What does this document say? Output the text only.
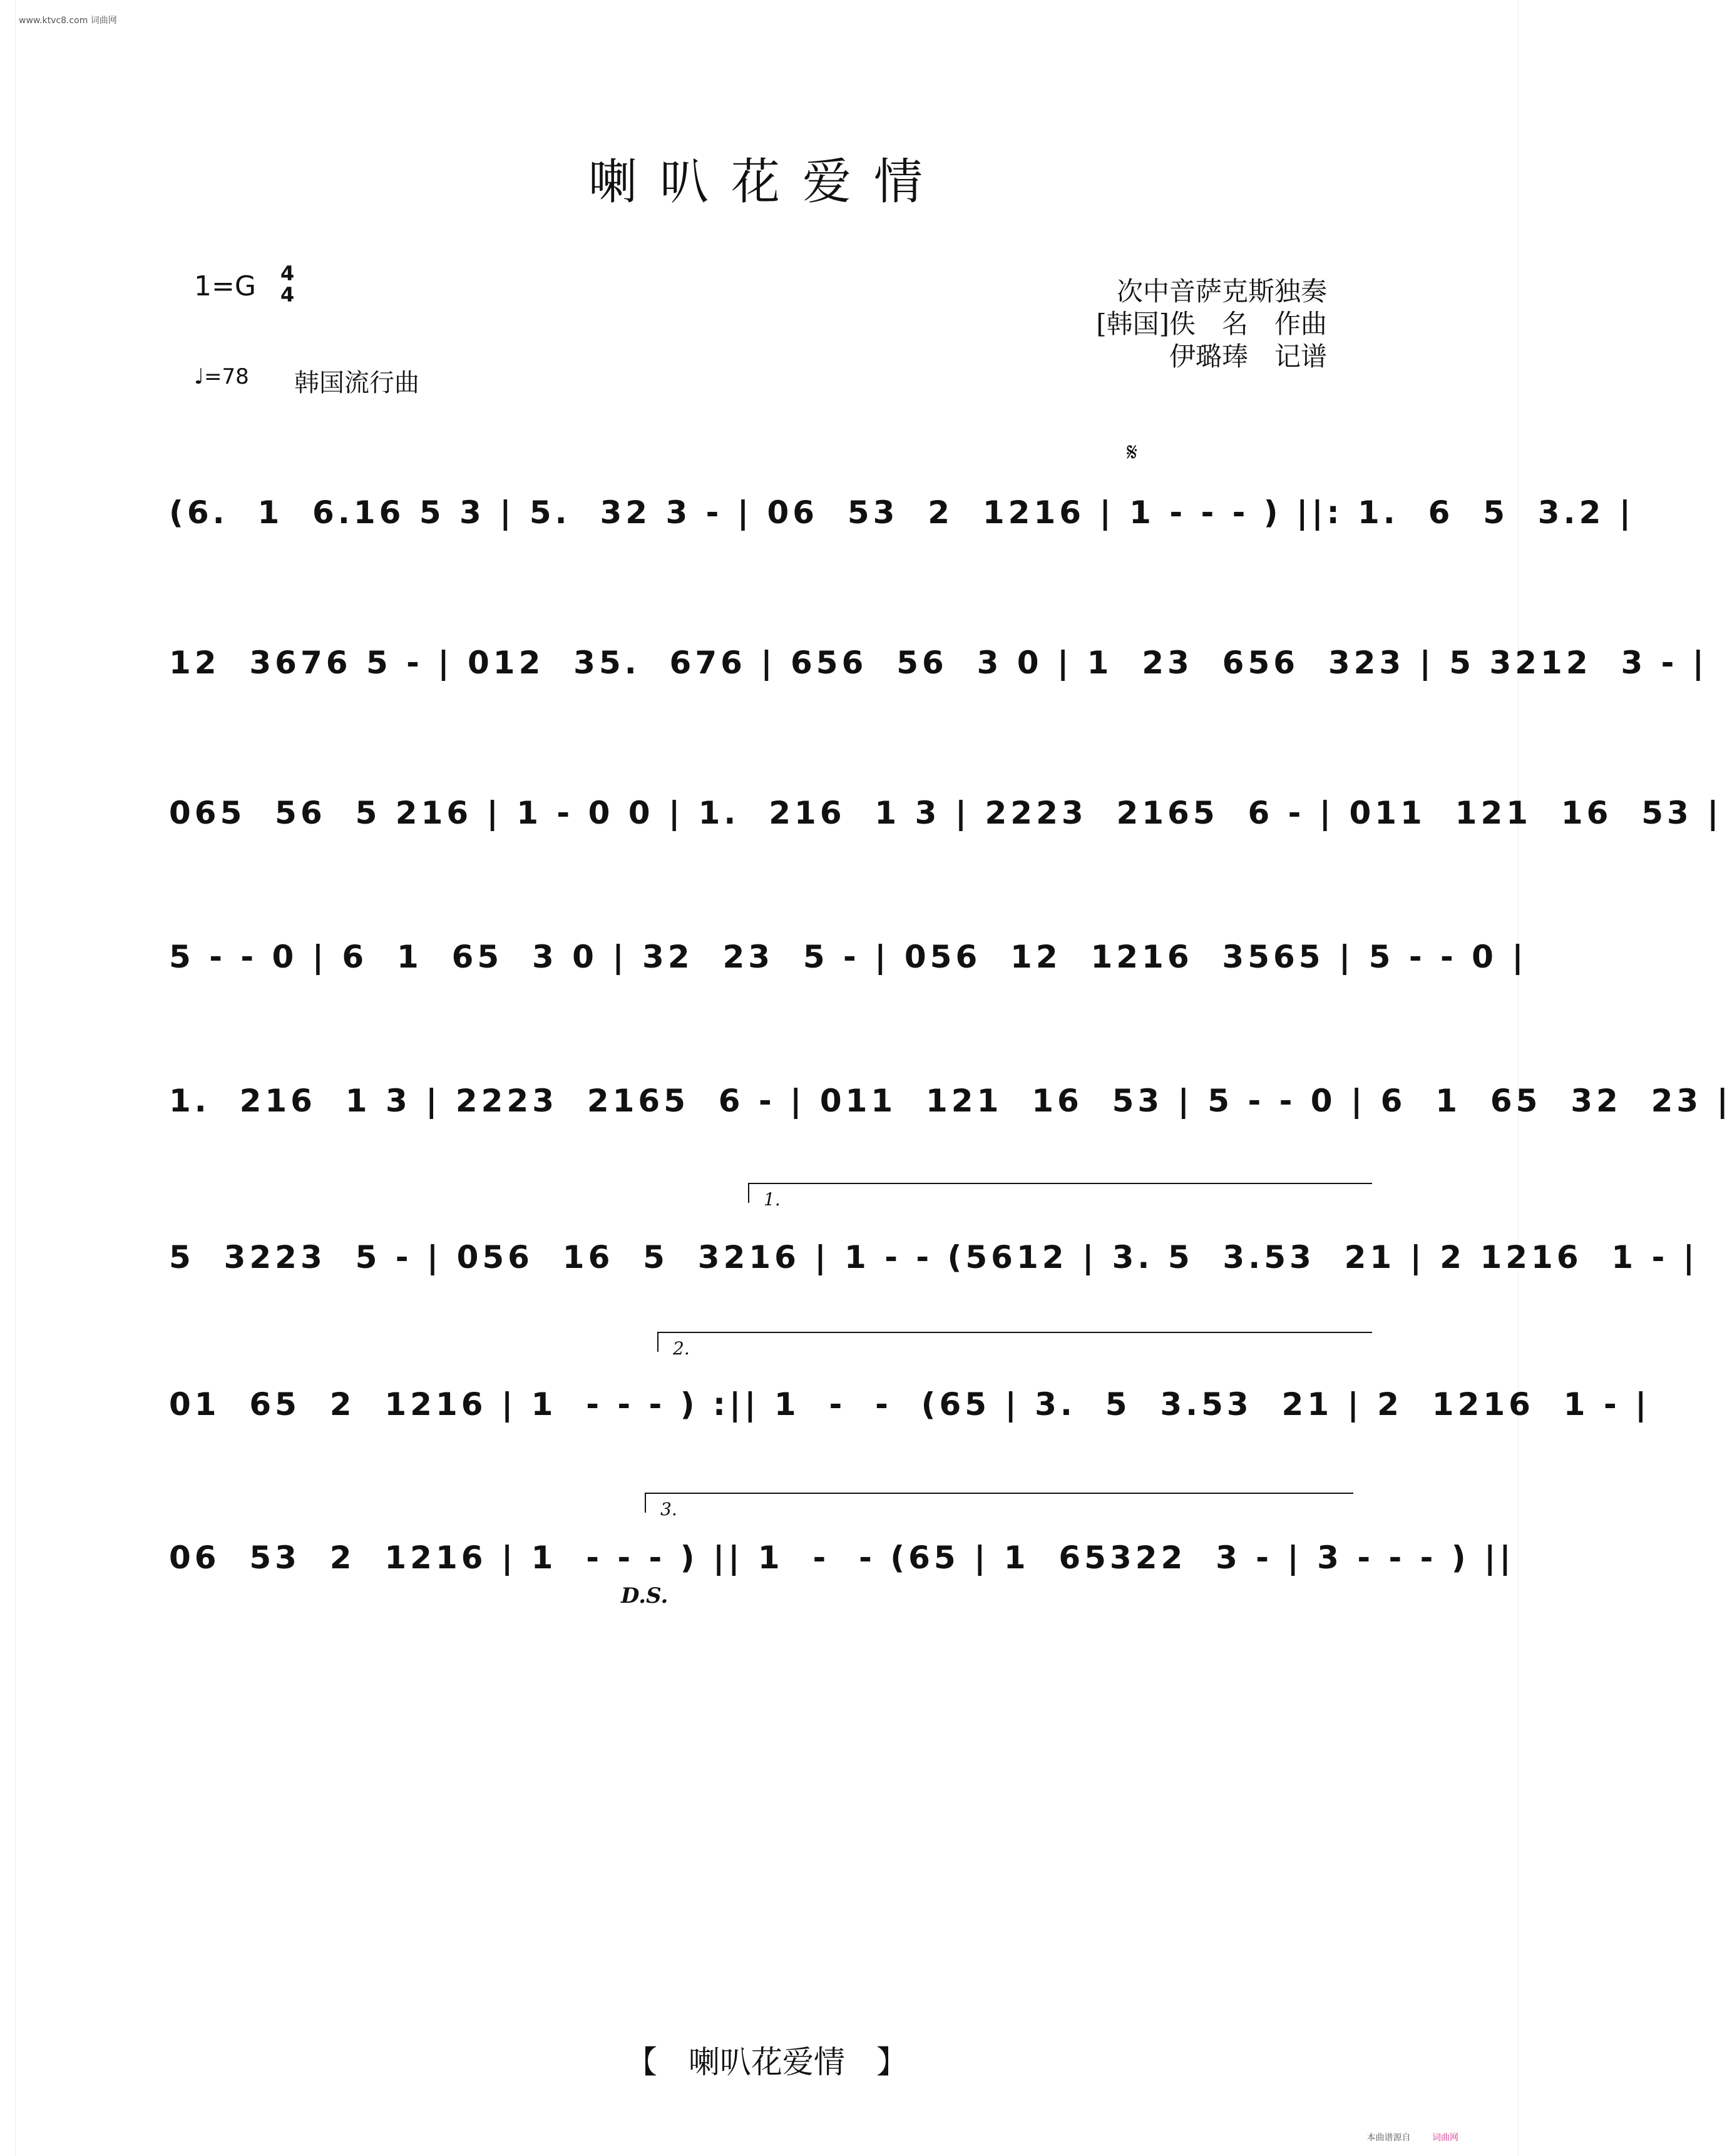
www.ktvc8.com 词曲网
喇叭花爱情
1=G 4
4
♩=78 韩国流行曲
次中音萨克斯独奏
[韩国]佚　名　作曲
伊璐琫　记谱
𝄋
(6.  1  6.16 5 3 | 5.  32 3 - | 06  53  2  1216 | 1 - - - ) ||: 1.  6  5  3.2 |
12  3676 5 - | 012  35.  676 | 656  56  3 0 | 1  23  656  323 | 5 3212  3 - |
065  56  5 216 | 1 - 0 0 | 1.  216  1 3 | 2223  2165  6 - | 011  121  16  53 |
5 - - 0 | 6  1  65  3 0 | 32  23  5 - | 056  12  1216  3565 | 5 - - 0 |
1.  216  1 3 | 2223  2165  6 - | 011  121  16  53 | 5 - - 0 | 6  1  65  32  23 |
1.
5  3223  5 - | 056  16  5  3216 | 1 - - (5612 | 3. 5  3.53  21 | 2 1216  1 - |
2.
01  65  2  1216 | 1  - - - ) :|| 1  -  -  (65 | 3.  5  3.53  21 | 2  1216  1 - |
3.
06  53  2  1216 | 1  - - - ) || 1  -  - (65 | 1  65322  3 - | 3 - - - ) ||
D.S.
【　喇叭花爱情　】
本曲谱源自 词曲网
